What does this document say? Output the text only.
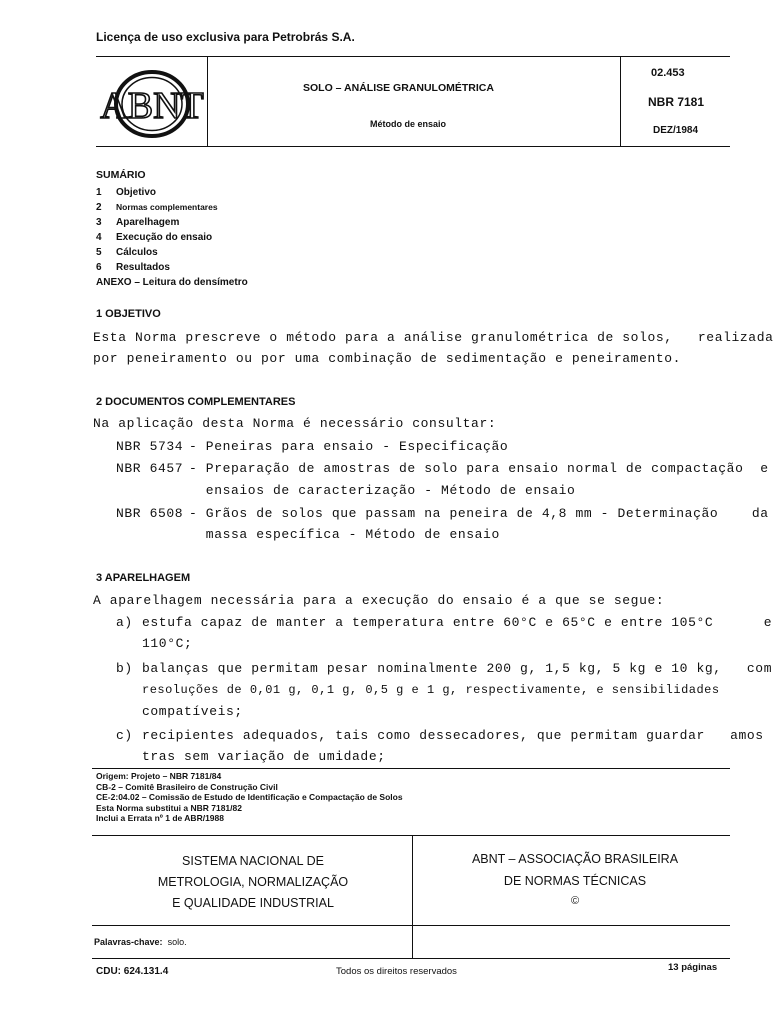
Licença de uso exclusiva para Petrobrás S.A.
ABNT	SOLO – ANÁLISE GRANULOMÉTRICA
Método de ensaio
02.453
NBR 7181
DEZ/1984
SUMÁRIO
1 Objetivo
2 Normas complementares
3 Aparelhagem
4 Execução do ensaio
5 Cálculos
6 Resultados
ANEXO – Leitura do densímetro
1 OBJETIVO
Esta Norma prescreve o método para a análise granulométrica de solos,   realizada
por peneiramento ou por uma combinação de sedimentação e peneiramento.
2 DOCUMENTOS COMPLEMENTARES
Na aplicação desta Norma é necessário consultar:
NBR 5734 - Peneiras para ensaio - Especificação
NBR 6457 - Preparação de amostras de solo para ensaio normal de compactação  e
ensaios de caracterização - Método de ensaio
NBR 6508 - Grãos de solos que passam na peneira de 4,8 mm - Determinação    da
massa específica - Método de ensaio
3 APARELHAGEM
A aparelhagem necessária para a execução do ensaio é a que se segue:
a) estufa capaz de manter a temperatura entre 60°C e 65°C e entre 105°C      e
110°C;
b) balanças que permitam pesar nominalmente 200 g, 1,5 kg, 5 kg e 10 kg,   com
resoluções de 0,01 g, 0,1 g, 0,5 g e 1 g, respectivamente, e sensibilidades
compatíveis;
c) recipientes adequados, tais como dessecadores, que permitam guardar   amos
tras sem variação de umidade;
Origem: Projeto – NBR 7181/84
CB-2 – Comitê Brasileiro de Construção Civil
CE-2:04.02 – Comissão de Estudo de Identificação e Compactação de Solos
Esta Norma substitui a NBR 7181/82
Inclui a Errata nº 1 de ABR/1988
SISTEMA NACIONAL DE
METROLOGIA, NORMALIZAÇÃO
E QUALIDADE INDUSTRIAL
ABNT – ASSOCIAÇÃO BRASILEIRA
DE NORMAS TÉCNICAS
©
Palavras-chave: solo.
CDU: 624.131.4	Todos os direitos reservados	13 páginas
